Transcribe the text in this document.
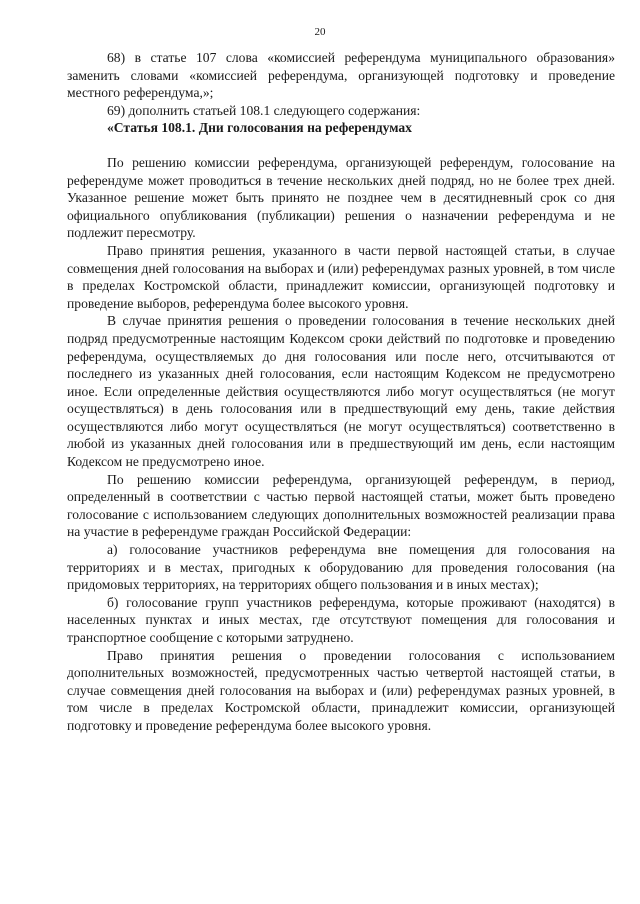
20

68) в статье 107 слова «комиссией референдума муниципального образования» заменить словами «комиссией референдума, организующей подготовку и проведение местного референдума,»;

69) дополнить статьей 108.1 следующего содержания:

«Статья 108.1. Дни голосования на референдумах

По решению комиссии референдума, организующей референдум, голосование на референдуме может проводиться в течение нескольких дней подряд, но не более трех дней. Указанное решение может быть принято не позднее чем в десятидневный срок со дня официального опубликования (публикации) решения о назначении референдума и не подлежит пересмотру.

Право принятия решения, указанного в части первой настоящей статьи, в случае совмещения дней голосования на выборах и (или) референдумах разных уровней, в том числе в пределах Костромской области, принадлежит комиссии, организующей подготовку и проведение выборов, референдума более высокого уровня.

В случае принятия решения о проведении голосования в течение нескольких дней подряд предусмотренные настоящим Кодексом сроки действий по подготовке и проведению референдума, осуществляемых до дня голосования или после него, отсчитываются от последнего из указанных дней голосования, если настоящим Кодексом не предусмотрено иное. Если определенные действия осуществляются либо могут осуществляться (не могут осуществляться) в день голосования или в предшествующий ему день, такие действия осуществляются либо могут осуществляться (не могут осуществляться) соответственно в любой из указанных дней голосования или в предшествующий им день, если настоящим Кодексом не предусмотрено иное.

По решению комиссии референдума, организующей референдум, в период, определенный в соответствии с частью первой настоящей статьи, может быть проведено голосование с использованием следующих дополнительных возможностей реализации права на участие в референдуме граждан Российской Федерации:

а) голосование участников референдума вне помещения для голосования на территориях и в местах, пригодных к оборудованию для проведения голосования (на придомовых территориях, на территориях общего пользования и в иных местах);

б) голосование групп участников референдума, которые проживают (находятся) в населенных пунктах и иных местах, где отсутствуют помещения для голосования и транспортное сообщение с которыми затруднено.

Право принятия решения о проведении голосования с использованием дополнительных возможностей, предусмотренных частью четвертой настоящей статьи, в случае совмещения дней голосования на выборах и (или) референдумах разных уровней, в том числе в пределах Костромской области, принадлежит комиссии, организующей подготовку и проведение референдума более высокого уровня.
